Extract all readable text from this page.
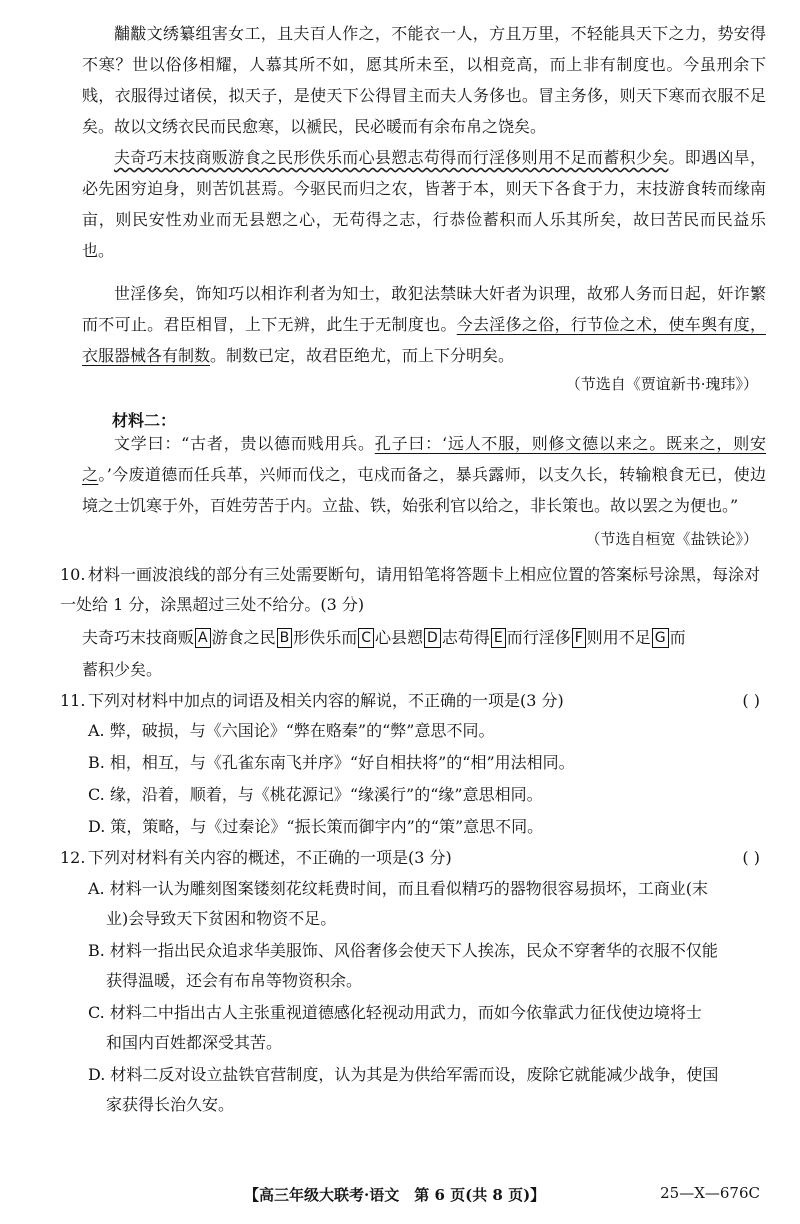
黼黻文绣纂组害女工，且夫百人作之，不能衣一人，方且万里，不轻能具天下之力，势安得不寒？世以俗侈相耀，人慕其所不如，愿其所未至，以相竞高，而上非有制度也。今虽刑余下贱，衣服得过诸侯，拟天子，是使天下公得冒主而夫人务侈也。冒主务侈，则天下寒而衣服不足矣。故以文绣衣民而民愈寒，以褫民，民必暖而有余布帛之饶矣。

夫奇巧末技商贩游食之民形佚乐而心县愬志苟得而行淫侈则用不足而蓄积少矣。即遇凶旱，必先困穷迫身，则苦饥甚焉。今驱民而归之农，皆著于本，则天下各食于力，末技游食转而缘南亩，则民安性劝业而无县愬之心，无苟得之志，行恭俭蓄积而人乐其所矣，故曰苦民而民益乐也。

世淫侈矣，饰知巧以相诈利者为知士，敢犯法禁昧大奸者为识理，故邪人务而日起，奸诈繁而不可止。君臣相冒，上下无辨，此生于无制度也。今去淫侈之俗，行节俭之术，使车舆有度，衣服器械各有制数。制数已定，故君臣绝尤，而上下分明矣。

（节选自《贾谊新书·瑰玮》）

材料二：

文学曰：“古者，贵以德而贱用兵。孔子曰：‘远人不服，则修文德以来之。既来之，则安之。’今废道德而任兵革，兴师而伐之，屯戍而备之，暴兵露师，以支久长，转输粮食无已，使边境之士饥寒于外，百姓劳苦于内。立盐、铁，始张利官以给之，非长策也。故以罢之为便也。”

（节选自桓宽《盐铁论》）

10. 材料一画波浪线的部分有三处需要断句，请用铅笔将答题卡上相应位置的答案标号涂黑，每涂对一处给 1 分，涂黑超过三处不给分。(3 分)

夫奇巧末技商贩 A 游食之民 B 形佚乐而 C 心县愬 D 志苟得 E 而行淫侈 F 则用不足 G 而
蓄积少矣。

11. 下列对材料中加点的词语及相关内容的解说，不正确的一项是(3 分)	( )

A. 弊，破损，与《六国论》“弊在赂秦”的“弊”意思不同。

B. 相，相互，与《孔雀东南飞并序》“好自相扶将”的“相”用法相同。

C. 缘，沿着，顺着，与《桃花源记》“缘溪行”的“缘”意思相同。

D. 策，策略，与《过秦论》“振长策而御宇内”的“策”意思不同。

12. 下列对材料有关内容的概述，不正确的一项是(3 分)	( )

A. 材料一认为雕刻图案镂刻花纹耗费时间，而且看似精巧的器物很容易损坏，工商业(末
业)会导致天下贫困和物资不足。

B. 材料一指出民众追求华美服饰、风俗奢侈会使天下人挨冻，民众不穿奢华的衣服不仅能
获得温暖，还会有布帛等物资积余。

C. 材料二中指出古人主张重视道德感化轻视动用武力，而如今依靠武力征伐使边境将士
和国内百姓都深受其苦。

D. 材料二反对设立盐铁官营制度，认为其是为供给军需而设，废除它就能减少战争，使国
家获得长治久安。

【高三年级大联考·语文　第 6 页(共 8 页)】	25—X—676C
